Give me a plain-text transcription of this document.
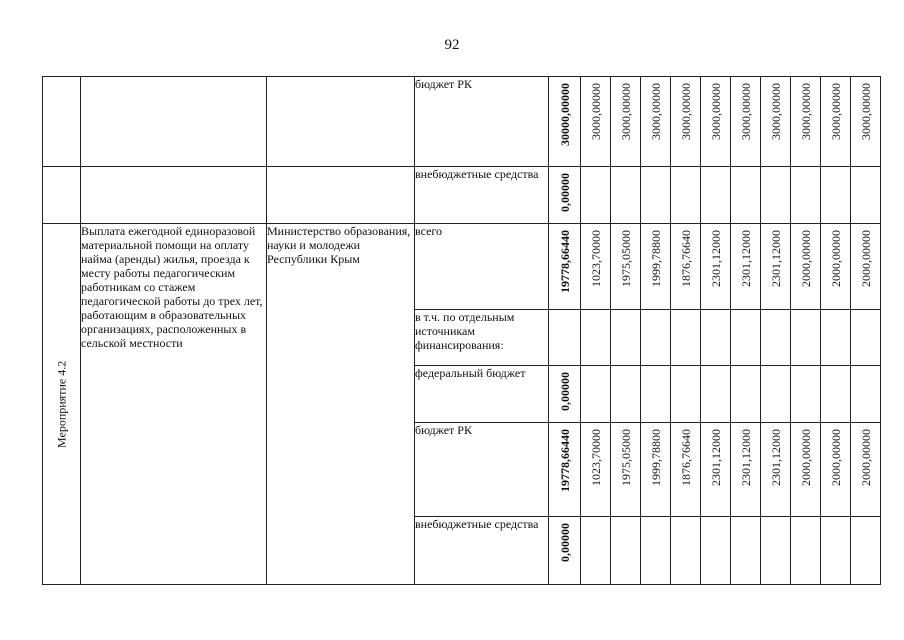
92
			бюджет РК	30000,00000	3000,00000	3000,00000	3000,00000	3000,00000	3000,00000	3000,00000	3000,00000	3000,00000	3000,00000	3000,00000

			внебюджетные средства	0,00000										

Мероприятие 4.2	Выплата ежегодной единоразовой материальной помощи на оплату найма (аренды) жилья, проезда к месту работы педагогическим работникам со стажем педагогической работы до трех лет, работающим в образовательных организациях, расположенных в сельской местности	Министерство образования, науки и молодежи Республики Крым	всего	19778,66440	1023,70000	1975,05000	1999,78800	1876,76640	2301,12000	2301,12000	2301,12000	2000,00000	2000,00000	2000,00000

			в т.ч. по отдельным источникам финансирования:	

			федеральный бюджет	0,00000										

			бюджет РК	19778,66440	1023,70000	1975,05000	1999,78800	1876,76640	2301,12000	2301,12000	2301,12000	2000,00000	2000,00000	2000,00000

			внебюджетные средства	0,00000										
